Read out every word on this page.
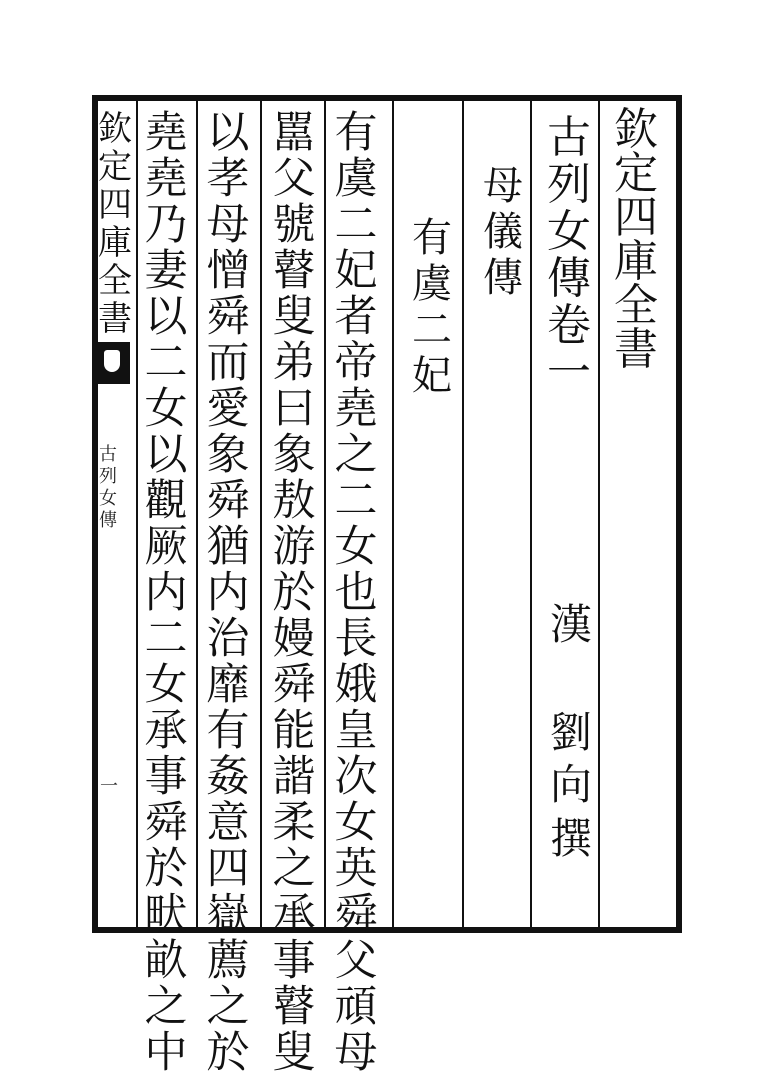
欽
定
四
庫
全
書
古
列
女
傳
一
欽
定
四
庫
全
書
古
列
女
傳
卷
一
母
儀
傳
有
虞
二
妃
漢
劉
向
撰
有
虞
二
妃
者
帝
堯
之
二
女
也
長
娥
皇
次
女
英
舜
父
頑
母
嚚
父
號
瞽
叟
弟
曰
象
敖
游
於
嫚
舜
能
諧
柔
之
承
事
瞽
叟
以
孝
母
憎
舜
而
愛
象
舜
猶
内
治
靡
有
姦
意
四
嶽
薦
之
於
堯
堯
乃
妻
以
二
女
以
觀
厥
内
二
女
承
事
舜
於
畎
畝
之
中
